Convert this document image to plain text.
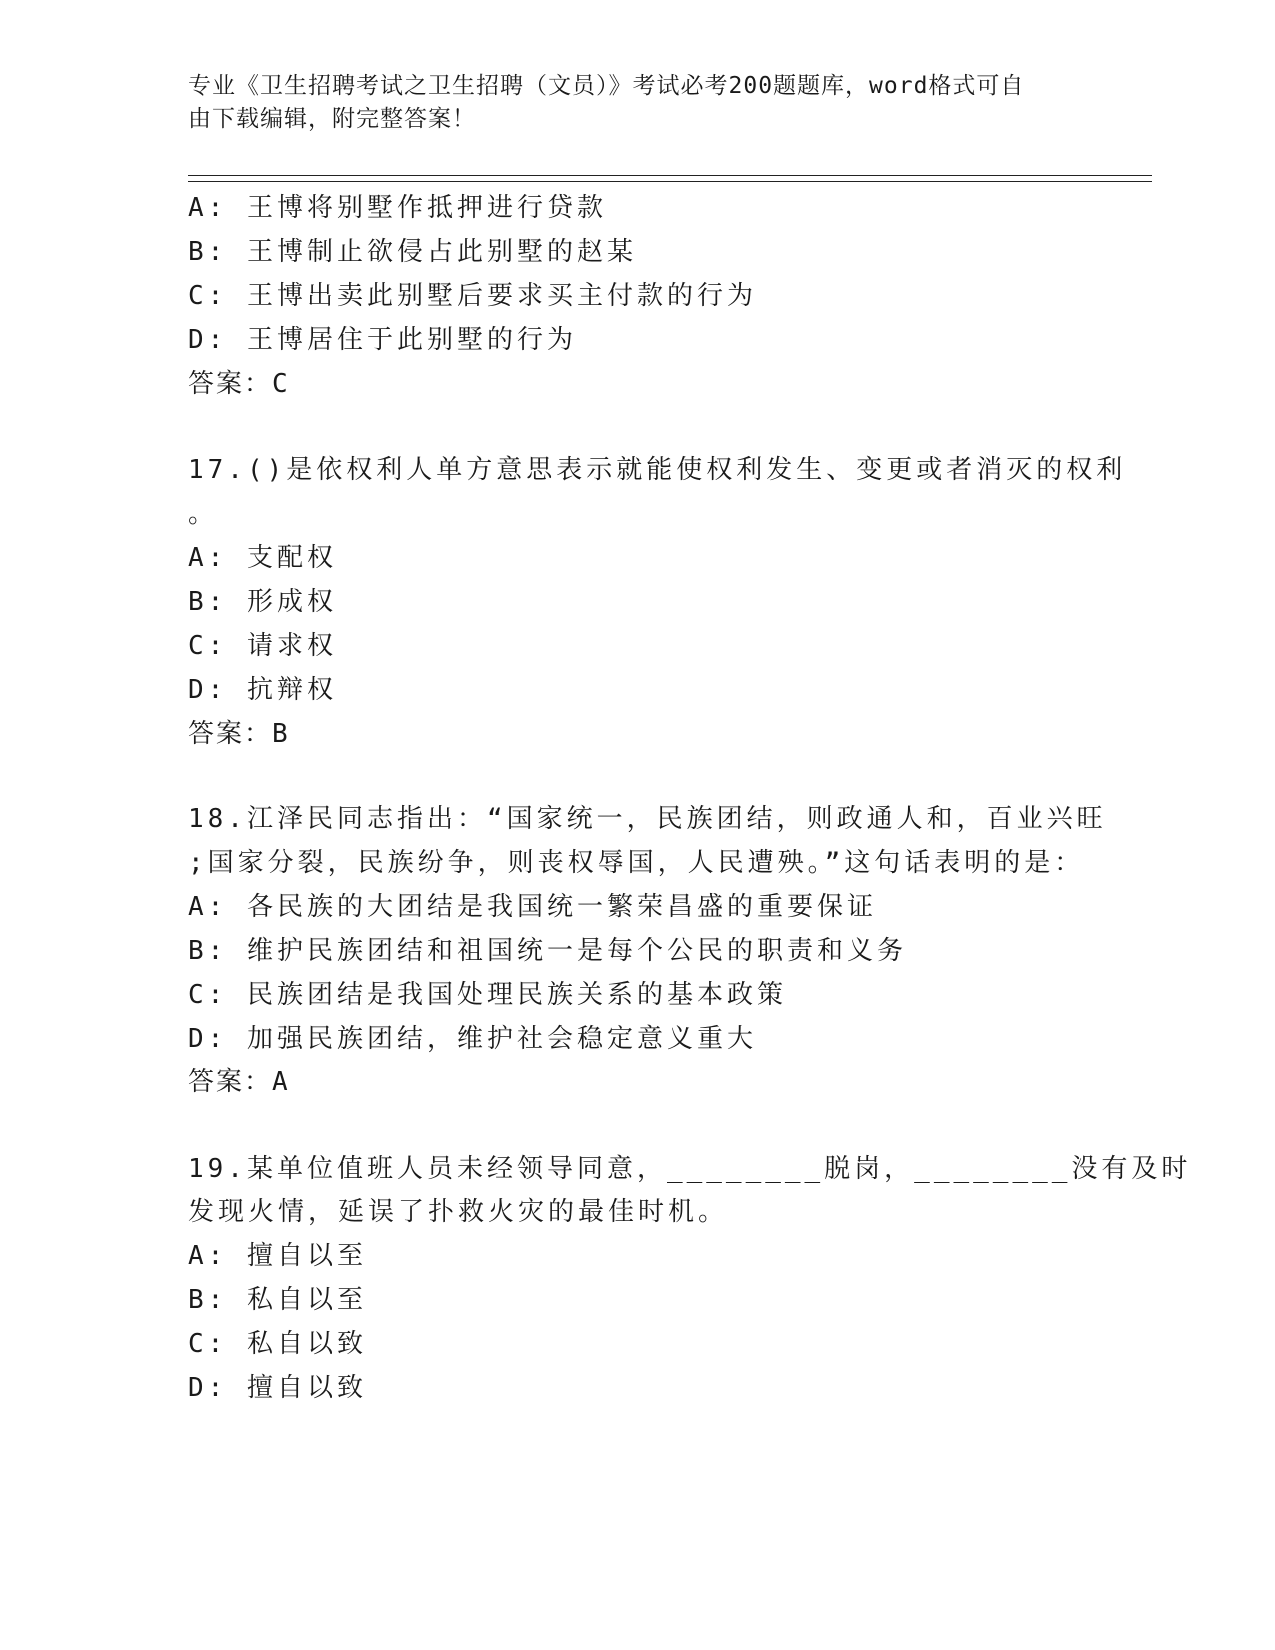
专业《卫生招聘考试之卫生招聘（文员）》考试必考200题题库，word格式可自
由下载编辑，附完整答案！
A: 王博将别墅作抵押进行贷款
B: 王博制止欲侵占此别墅的赵某
C: 王博出卖此别墅后要求买主付款的行为
D: 王博居住于此别墅的行为
答案：C
17.()是依权利人单方意思表示就能使权利发生、变更或者消灭的权利
。
A: 支配权
B: 形成权
C: 请求权
D: 抗辩权
答案：B
18.江泽民同志指出：“国家统一，民族团结，则政通人和，百业兴旺
;国家分裂，民族纷争，则丧权辱国，人民遭殃。”这句话表明的是：
A: 各民族的大团结是我国统一繁荣昌盛的重要保证
B: 维护民族团结和祖国统一是每个公民的职责和义务
C: 民族团结是我国处理民族关系的基本政策
D: 加强民族团结，维护社会稳定意义重大
答案：A
19.某单位值班人员未经领导同意，________脱岗，________没有及时
发现火情，延误了扑救火灾的最佳时机。
A: 擅自以至
B: 私自以至
C: 私自以致
D: 擅自以致
